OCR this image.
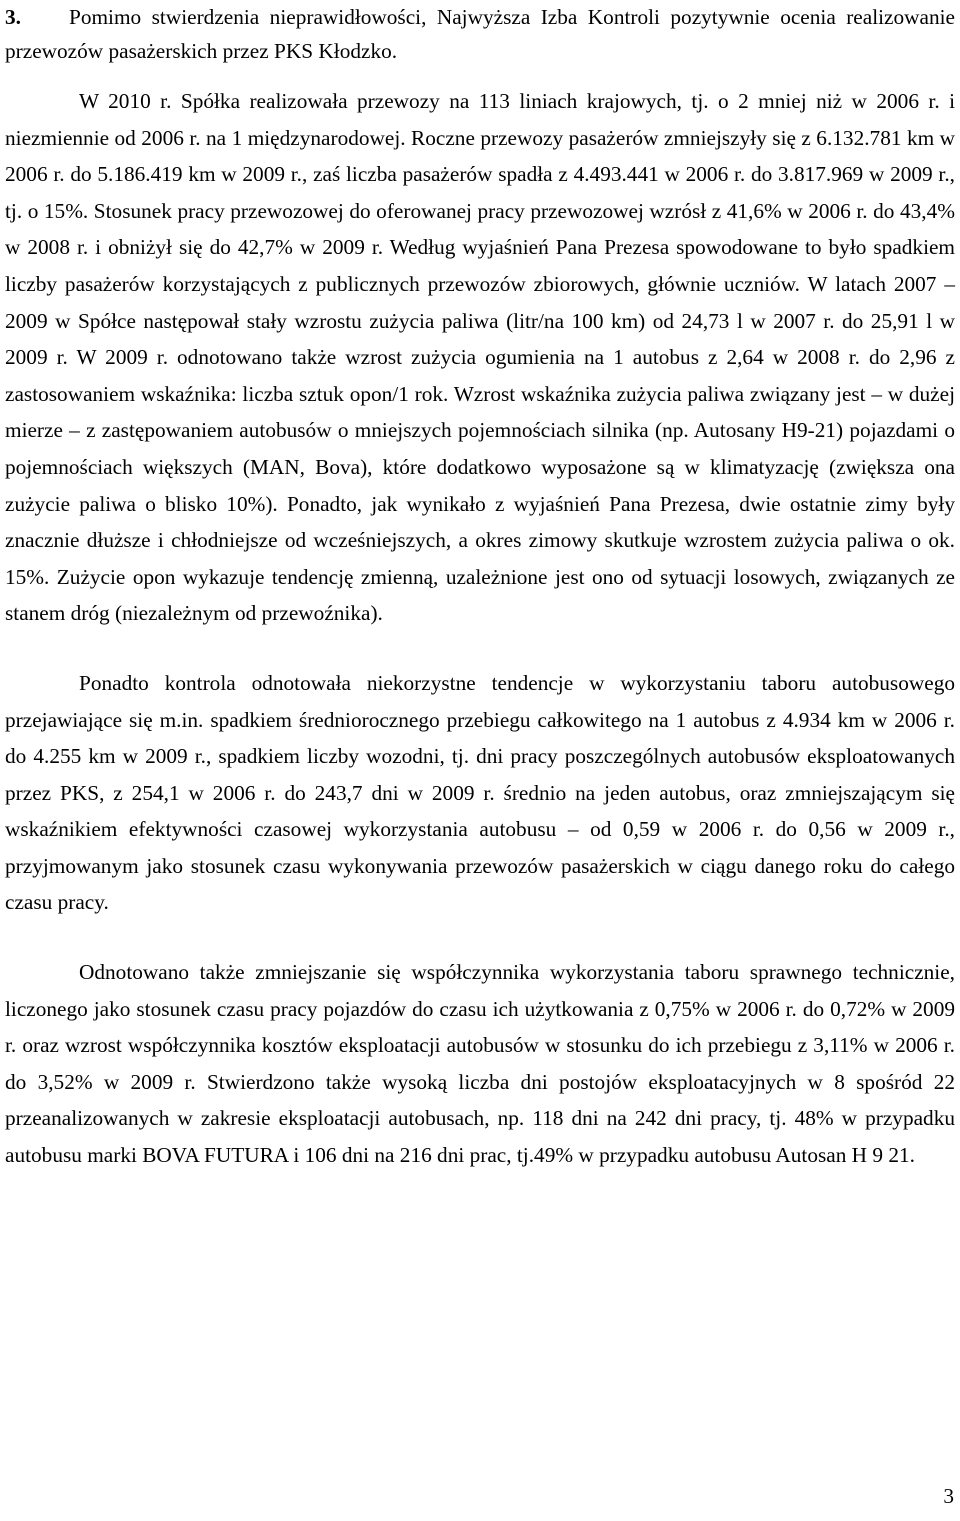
3. Pomimo stwierdzenia nieprawidłowości, Najwyższa Izba Kontroli pozytywnie ocenia realizowanie przewozów pasażerskich przez PKS Kłodzko.

W 2010 r. Spółka realizowała przewozy na 113 liniach krajowych, tj. o 2 mniej niż w 2006 r. i niezmiennie od 2006 r. na 1 międzynarodowej. Roczne przewozy pasażerów zmniejszyły się z 6.132.781 km w 2006 r. do 5.186.419 km w 2009 r., zaś liczba pasażerów spadła z 4.493.441 w 2006 r. do 3.817.969 w 2009 r., tj. o 15%. Stosunek pracy przewozowej do oferowanej pracy przewozowej wzrósł z 41,6% w 2006 r. do 43,4% w 2008 r. i obniżył się do 42,7% w 2009 r. Według wyjaśnień Pana Prezesa spowodowane to było spadkiem liczby pasażerów korzystających z publicznych przewozów zbiorowych, głównie uczniów. W latach 2007 – 2009 w Spółce następował stały wzrostu zużycia paliwa (litr/na 100 km) od 24,73 l w 2007 r. do 25,91 l w 2009 r. W 2009 r. odnotowano także wzrost zużycia ogumienia na 1 autobus z 2,64 w 2008 r. do 2,96 z zastosowaniem wskaźnika: liczba sztuk opon/1 rok. Wzrost wskaźnika zużycia paliwa związany jest – w dużej mierze – z zastępowaniem autobusów o mniejszych pojemnościach silnika (np. Autosany H9-21) pojazdami o pojemnościach większych (MAN, Bova), które dodatkowo wyposażone są w klimatyzację (zwiększa ona zużycie paliwa o blisko 10%). Ponadto, jak wynikało z wyjaśnień Pana Prezesa, dwie ostatnie zimy były znacznie dłuższe i chłodniejsze od wcześniejszych, a okres zimowy skutkuje wzrostem zużycia paliwa o ok. 15%. Zużycie opon wykazuje tendencję zmienną, uzależnione jest ono od sytuacji losowych, związanych ze stanem dróg (niezależnym od przewoźnika).

Ponadto kontrola odnotowała niekorzystne tendencje w wykorzystaniu taboru autobusowego przejawiające się m.in. spadkiem średniorocznego przebiegu całkowitego na 1 autobus z 4.934 km w 2006 r. do 4.255 km w 2009 r., spadkiem liczby wozodni, tj. dni pracy poszczególnych autobusów eksploatowanych przez PKS, z 254,1 w 2006 r. do 243,7 dni w 2009 r. średnio na jeden autobus, oraz zmniejszającym się wskaźnikiem efektywności czasowej wykorzystania autobusu – od 0,59 w 2006 r. do 0,56 w 2009 r., przyjmowanym jako stosunek czasu wykonywania przewozów pasażerskich w ciągu danego roku do całego czasu pracy.

Odnotowano także zmniejszanie się współczynnika wykorzystania taboru sprawnego technicznie, liczonego jako stosunek czasu pracy pojazdów do czasu ich użytkowania z 0,75% w 2006 r. do 0,72% w 2009 r. oraz wzrost współczynnika kosztów eksploatacji autobusów w stosunku do ich przebiegu z 3,11% w 2006 r. do 3,52% w 2009 r. Stwierdzono także wysoką liczba dni postojów eksploatacyjnych w 8 spośród 22 przeanalizowanych w zakresie eksploatacji autobusach, np. 118 dni na 242 dni pracy, tj. 48% w przypadku autobusu marki BOVA FUTURA i 106 dni na 216 dni prac, tj.49% w przypadku autobusu Autosan H 9 21.

3
